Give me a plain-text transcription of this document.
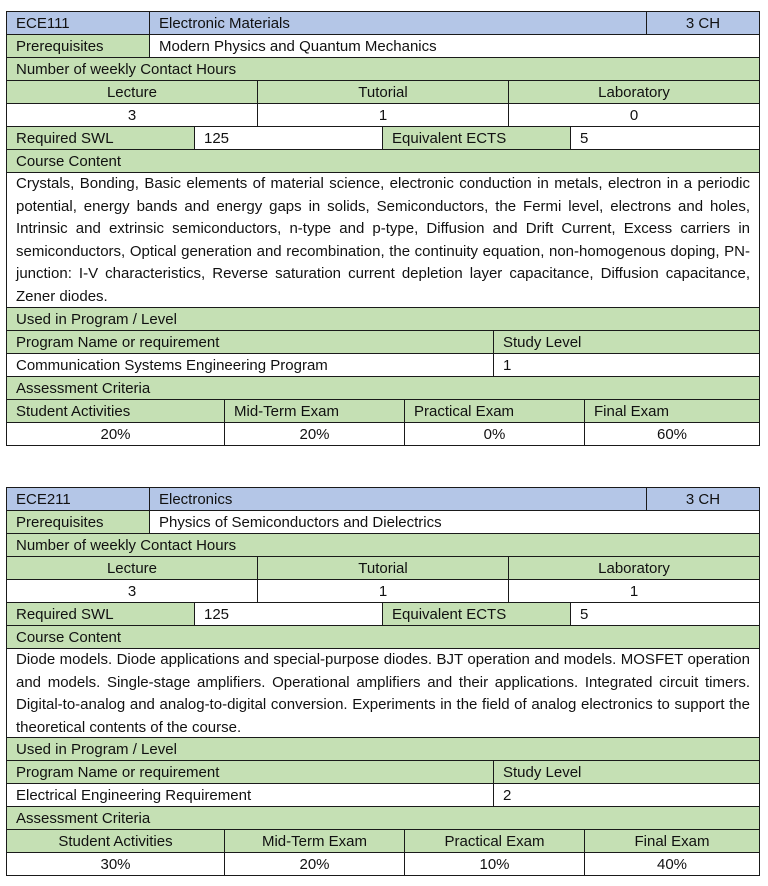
ECE111	Electronic Materials	3 CH
Prerequisites	Modern Physics and Quantum Mechanics
Number of weekly Contact Hours
Lecture	Tutorial	Laboratory
3	1	0
Required SWL	125	Equivalent ECTS	5
Course Content
Crystals, Bonding, Basic elements of material science, electronic conduction in metals, electron in a periodic potential, energy bands and energy gaps in solids, Semiconductors, the Fermi level, electrons and holes, Intrinsic and extrinsic semiconductors, n-type and p-type, Diffusion and Drift Current, Excess carriers in semiconductors, Optical generation and recombination, the continuity equation, non-homogenous doping, PN-junction: I-V characteristics, Reverse saturation current depletion layer capacitance, Diffusion capacitance, Zener diodes.
Used in Program / Level
Program Name or requirement	Study Level
Communication Systems Engineering Program	1
Assessment Criteria
Student Activities	Mid-Term Exam	Practical Exam	Final Exam
20%	20%	0%	60%
ECE211	Electronics	3 CH
Prerequisites	Physics of Semiconductors and Dielectrics
Number of weekly Contact Hours
Lecture	Tutorial	Laboratory
3	1	1
Required SWL	125	Equivalent ECTS	5
Course Content
Diode models. Diode applications and special-purpose diodes. BJT operation and models. MOSFET operation and models. Single-stage amplifiers. Operational amplifiers and their applications. Integrated circuit timers. Digital-to-analog and analog-to-digital conversion. Experiments in the field of analog electronics to support the theoretical contents of the course.
Used in Program / Level
Program Name or requirement	Study Level
Electrical Engineering Requirement	2
Assessment Criteria
Student Activities	Mid-Term Exam	Practical Exam	Final Exam
30%	20%	10%	40%
